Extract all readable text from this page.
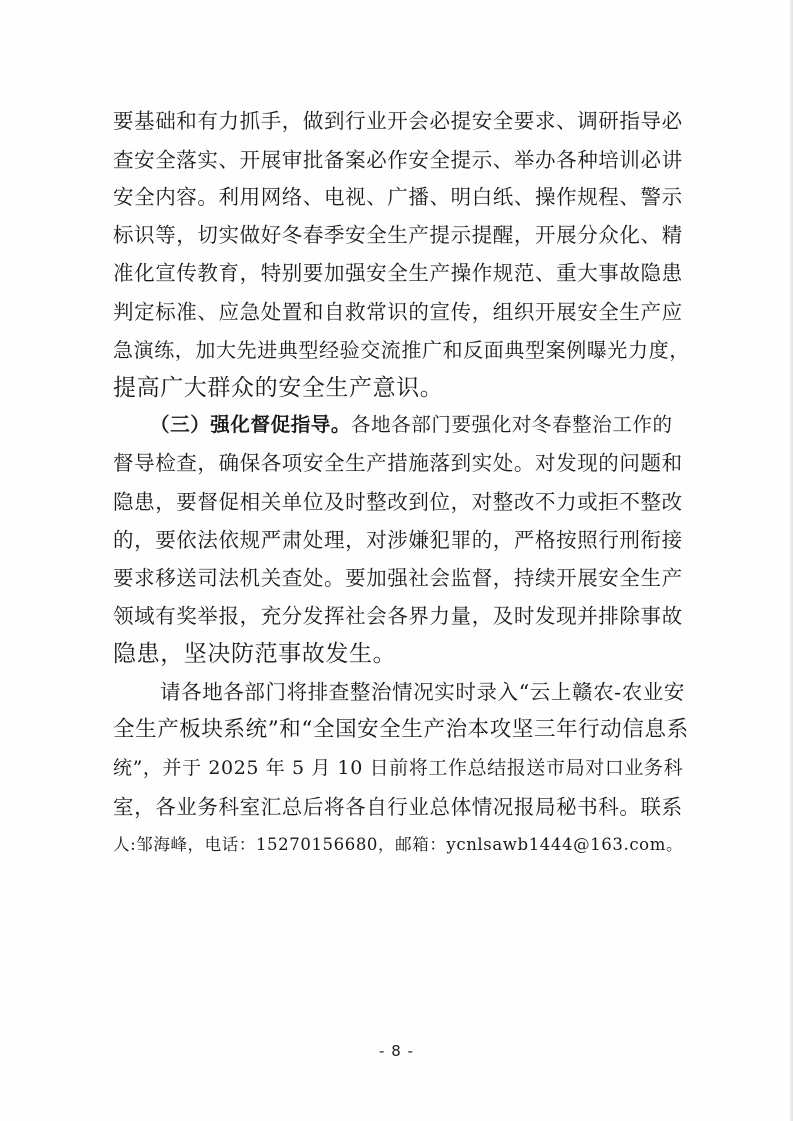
要基础和有力抓手，做到行业开会必提安全要求、调研指导必
查安全落实、开展审批备案必作安全提示、举办各种培训必讲
安全内容。利用网络、电视、广播、明白纸、操作规程、警示
标识等，切实做好冬春季安全生产提示提醒，开展分众化、精
准化宣传教育，特别要加强安全生产操作规范、重大事故隐患
判定标准、应急处置和自救常识的宣传，组织开展安全生产应
急演练，加大先进典型经验交流推广和反面典型案例曝光力度，
提高广大群众的安全生产意识。
（三）强化督促指导。各地各部门要强化对冬春整治工作的
督导检查，确保各项安全生产措施落到实处。对发现的问题和
隐患，要督促相关单位及时整改到位，对整改不力或拒不整改
的，要依法依规严肃处理，对涉嫌犯罪的，严格按照行刑衔接
要求移送司法机关查处。要加强社会监督，持续开展安全生产
领域有奖举报，充分发挥社会各界力量，及时发现并排除事故
隐患，坚决防范事故发生。
请各地各部门将排查整治情况实时录入“云上赣农-农业安
全生产板块系统”和“全国安全生产治本攻坚三年行动信息系
统”，并于 2025 年 5 月 10 日前将工作总结报送市局对口业务科
室，各业务科室汇总后将各自行业总体情况报局秘书科。联系
人:邹海峰，电话：15270156680，邮箱：ycnlsawb1444@163.com。
- 8 -
